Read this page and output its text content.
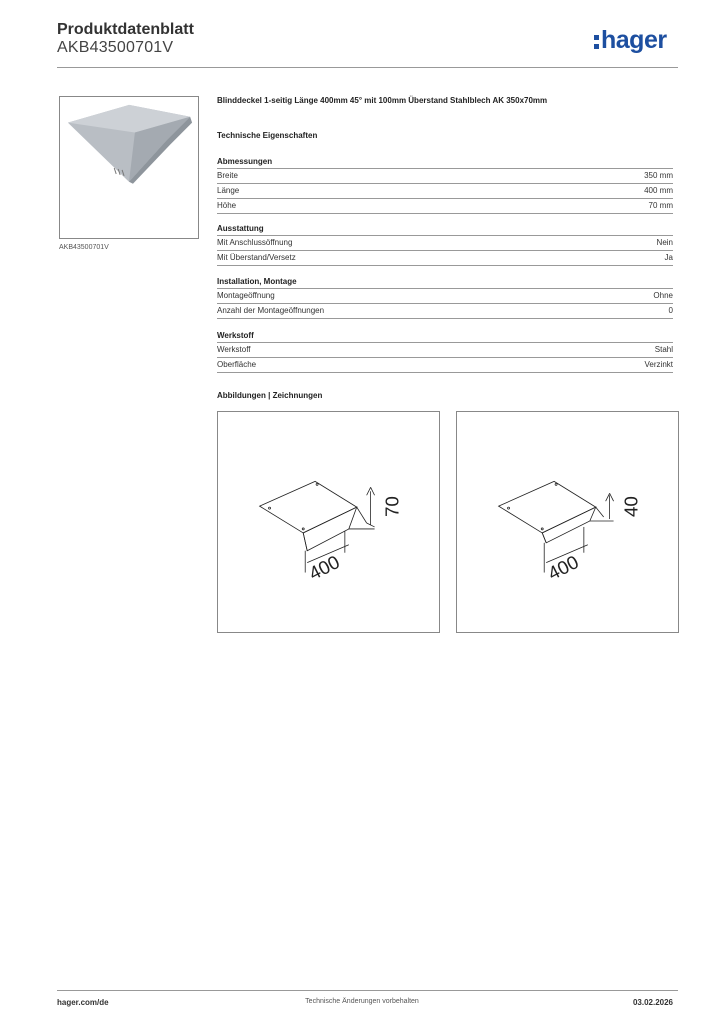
Produktdatenblatt
AKB43500701V	hager
AKB43500701V
Blinddeckel 1-seitig Länge 400mm 45° mit 100mm Überstand Stahlblech AK 350x70mm
Technische Eigenschaften
Abmessungen
Breite	350 mm
Länge	400 mm
Höhe	70 mm
Ausstattung
Mit Anschlussöffnung	Nein
Mit Überstand/Versetz	Ja
Installation, Montage
Montageöffnung	Ohne
Anzahl der Montageöffnungen	0
Werkstoff
Werkstoff	Stahl
Oberfläche	Verzinkt
Abbildungen | Zeichnungen
400
70
400
40
hager.com/de	Technische Änderungen vorbehalten	03.02.2026
